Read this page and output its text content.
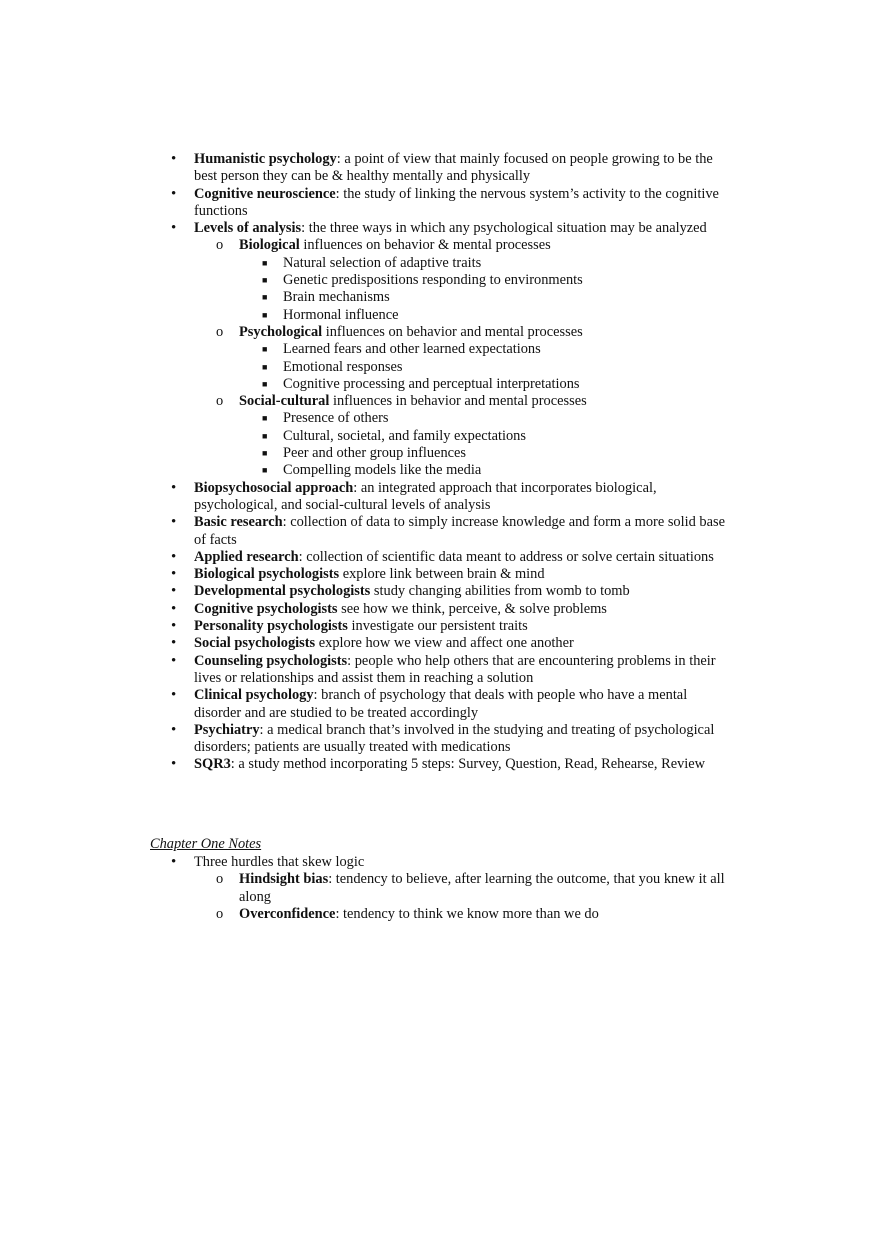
• Humanistic psychology: a point of view that mainly focused on people growing to be the best person they can be & healthy mentally and physically
• Cognitive neuroscience: the study of linking the nervous system’s activity to the cognitive functions
• Levels of analysis: the three ways in which any psychological situation may be analyzed
o Biological influences on behavior & mental processes
■ Natural selection of adaptive traits
■ Genetic predispositions responding to environments
■ Brain mechanisms
■ Hormonal influence
o Psychological influences on behavior and mental processes
■ Learned fears and other learned expectations
■ Emotional responses
■ Cognitive processing and perceptual interpretations
o Social-cultural influences in behavior and mental processes
■ Presence of others
■ Cultural, societal, and family expectations
■ Peer and other group influences
■ Compelling models like the media
• Biopsychosocial approach: an integrated approach that incorporates biological, psychological, and social-cultural levels of analysis
• Basic research: collection of data to simply increase knowledge and form a more solid base of facts
• Applied research: collection of scientific data meant to address or solve certain situations
• Biological psychologists explore link between brain & mind
• Developmental psychologists study changing abilities from womb to tomb
• Cognitive psychologists see how we think, perceive, & solve problems
• Personality psychologists investigate our persistent traits
• Social psychologists explore how we view and affect one another
• Counseling psychologists: people who help others that are encountering problems in their lives or relationships and assist them in reaching a solution
• Clinical psychology: branch of psychology that deals with people who have a mental disorder and are studied to be treated accordingly
• Psychiatry: a medical branch that’s involved in the studying and treating of psychological disorders; patients are usually treated with medications
• SQR3: a study method incorporating 5 steps: Survey, Question, Read, Rehearse, Review
Chapter One Notes
• Three hurdles that skew logic
o Hindsight bias: tendency to believe, after learning the outcome, that you knew it all along
o Overconfidence: tendency to think we know more than we do
